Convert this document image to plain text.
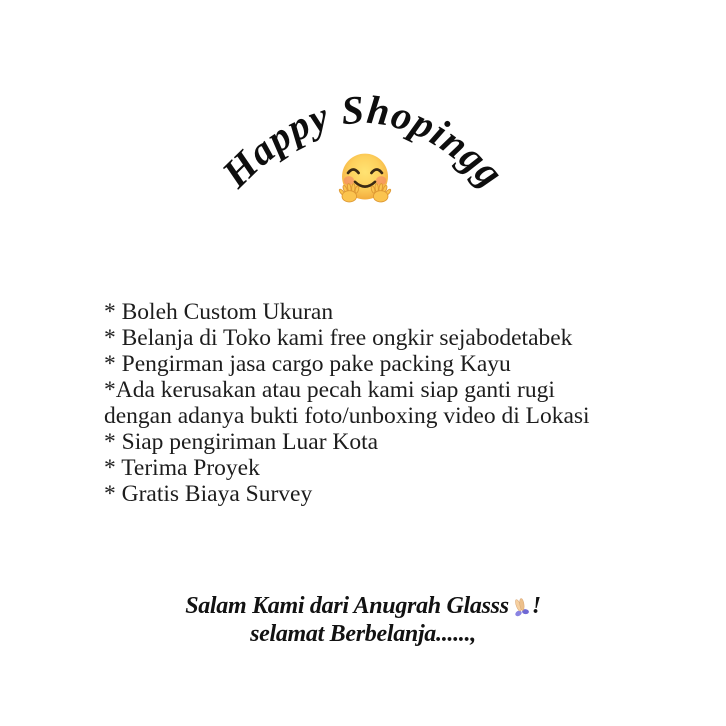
Happy Shopingg
* Boleh Custom Ukuran
* Belanja di Toko kami free ongkir sejabodetabek
* Pengirman jasa cargo pake packing Kayu
*Ada kerusakan atau pecah kami siap ganti rugi
dengan adanya bukti foto/unboxing video di Lokasi
* Siap pengiriman Luar Kota
* Terima Proyek
* Gratis Biaya Survey
Salam Kami dari Anugrah Glasss !
selamat Berbelanja......,
